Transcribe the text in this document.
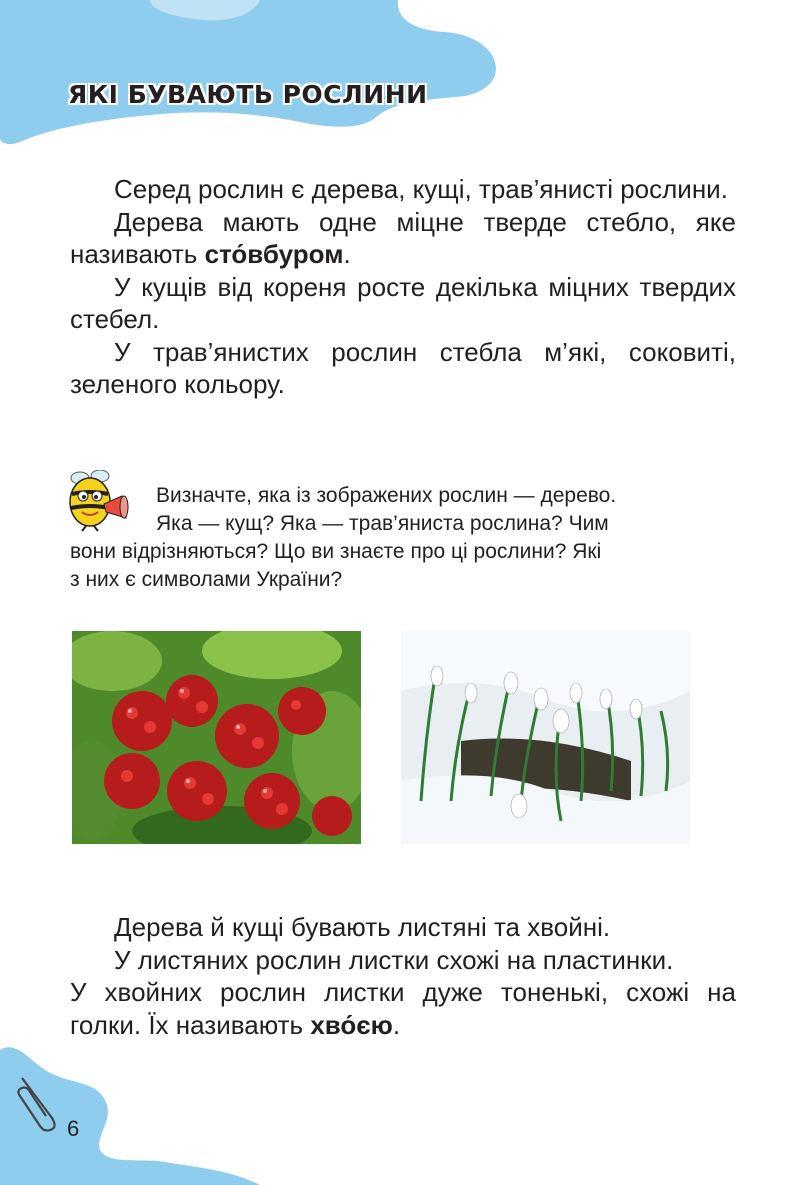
ЯКІ БУВАЮТЬ РОСЛИНИ

Серед рослин є дерева, кущі, трав’янисті рослини.

Дерева мають одне міцне тверде стебло, яке називають сто́вбуром.

У кущів від кореня росте декілька міцних твердих стебел.

У трав’янистих рослин стебла м’які, соковиті, зеленого кольору.

Визначте, яка із зображених рослин — дерево.
Яка — кущ? Яка — трав’яниста рослина? Чим
вони відрізняються? Що ви знаєте про ці рослини? Які
з них є символами України?

Дерева й кущі бувають листяні та хвойні.

У листяних рослин листки схожі на пластинки.

У хвойних рослин листки дуже тоненькі, схожі на голки. Їх називають хво́єю.

6
